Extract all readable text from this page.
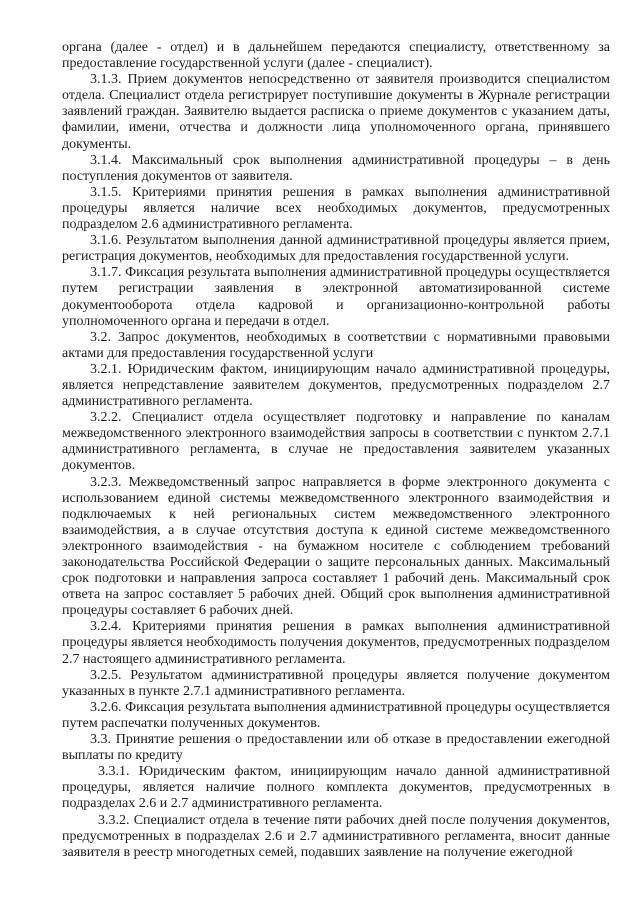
органа (далее - отдел) и в дальнейшем передаются специалисту, ответственному за предоставление государственной услуги (далее - специалист).

3.1.3. Прием документов непосредственно от заявителя производится специалистом отдела. Специалист отдела регистрирует поступившие документы в Журнале регистрации заявлений граждан. Заявителю выдается расписка о приеме документов с указанием даты, фамилии, имени, отчества и должности лица уполномоченного органа, принявшего документы.

3.1.4. Максимальный срок выполнения административной процедуры – в день поступления документов от заявителя.

3.1.5. Критериями принятия решения в рамках выполнения административной процедуры является наличие всех необходимых документов, предусмотренных подразделом 2.6 административного регламента.

3.1.6. Результатом выполнения данной административной процедуры является прием, регистрация документов, необходимых для предоставления государственной услуги.

3.1.7. Фиксация результата выполнения административной процедуры осуществляется путем регистрации заявления в электронной автоматизированной системе документооборота отдела кадровой и организационно-контрольной работы уполномоченного органа и передачи в отдел.

3.2. Запрос документов, необходимых в соответствии с нормативными правовыми актами для предоставления государственной услуги

3.2.1. Юридическим фактом, инициирующим начало административной процедуры, является непредставление заявителем документов, предусмотренных подразделом 2.7 административного регламента.

3.2.2. Специалист отдела осуществляет подготовку и направление по каналам межведомственного электронного взаимодействия запросы в соответствии с пунктом 2.7.1 административного регламента, в случае не предоставления заявителем указанных документов.

3.2.3. Межведомственный запрос направляется в форме электронного документа с использованием единой системы межведомственного электронного взаимодействия и подключаемых к ней региональных систем межведомственного электронного взаимодействия, а в случае отсутствия доступа к единой системе межведомственного электронного взаимодействия - на бумажном носителе с соблюдением требований законодательства Российской Федерации о защите персональных данных. Максимальный срок подготовки и направления запроса составляет 1 рабочий день. Максимальный срок ответа на запрос составляет 5 рабочих дней. Общий срок выполнения административной процедуры составляет 6 рабочих дней.

3.2.4. Критериями принятия решения в рамках выполнения административной процедуры является необходимость получения документов, предусмотренных подразделом 2.7 настоящего административного регламента.

3.2.5. Результатом административной процедуры является получение документом указанных в пункте 2.7.1 административного регламента.

3.2.6. Фиксация результата выполнения административной процедуры осуществляется путем распечатки полученных документов.

3.3. Принятие решения о предоставлении или об отказе в предоставлении ежегодной выплаты по кредиту

3.3.1. Юридическим фактом, инициирующим начало данной административной процедуры, является наличие полного комплекта документов, предусмотренных в подразделах 2.6 и 2.7 административного регламента.

3.3.2. Специалист отдела в течение пяти рабочих дней после получения документов, предусмотренных в подразделах 2.6 и 2.7 административного регламента, вносит данные заявителя в реестр многодетных семей, подавших заявление на получение ежегодной
